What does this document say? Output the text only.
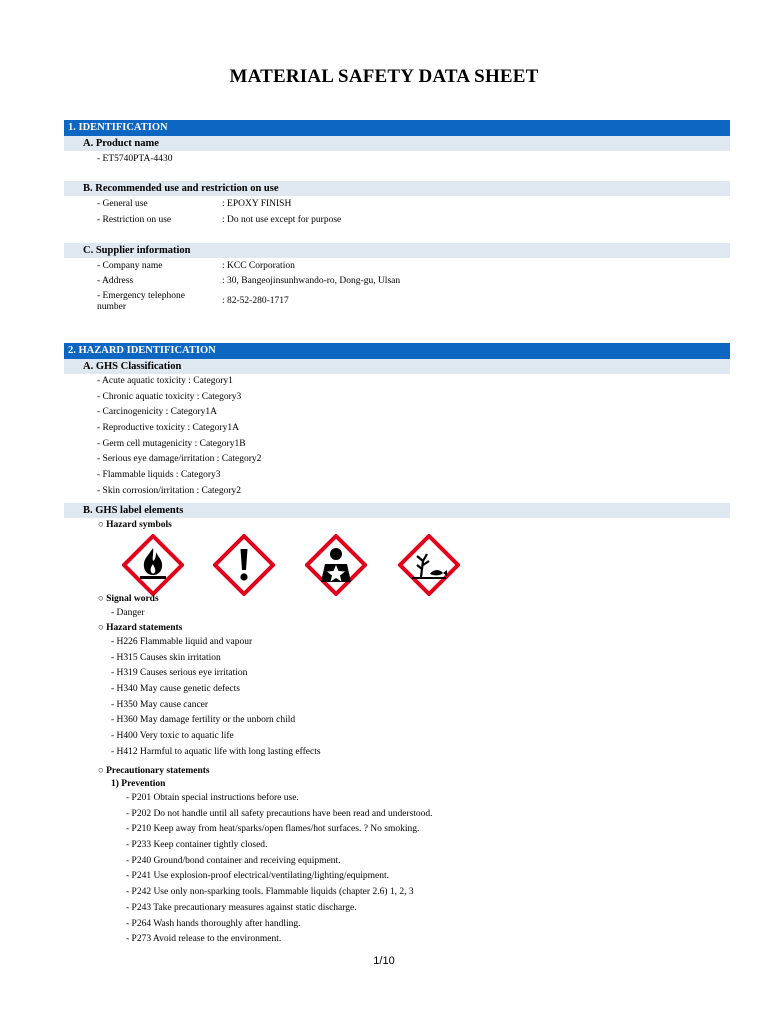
MATERIAL SAFETY DATA SHEET
1. IDENTIFICATION
A. Product name
- ET5740PTA-4430
B. Recommended use and restriction on use
- General use	: EPOXY FINISH
- Restriction on use	: Do not use except for purpose
C. Supplier information
- Company name	: KCC Corporation
- Address	: 30, Bangeojinsunhwando-ro, Dong-gu, Ulsan
- Emergency telephone number
: 82-52-280-1717
2. HAZARD IDENTIFICATION
A. GHS Classification
- Acute aquatic toxicity : Category1
- Chronic aquatic toxicity : Category3
- Carcinogenicity : Category1A
- Reproductive toxicity : Category1A
- Germ cell mutagenicity : Category1B
- Serious eye damage/irritation : Category2
- Flammable liquids : Category3
- Skin corrosion/irritation : Category2
B. GHS label elements
○ Hazard symbols
○ Signal words
- Danger
○ Hazard statements
- H226 Flammable liquid and vapour
- H315 Causes skin irritation
- H319 Causes serious eye irritation
- H340 May cause genetic defects
- H350 May cause cancer
- H360 May damage fertility or the unborn child
- H400 Very toxic to aquatic life
- H412 Harmful to aquatic life with long lasting effects
○ Precautionary statements
1) Prevention
- P201 Obtain special instructions before use.
- P202 Do not handle until all safety precautions have been read and understood.
- P210 Keep away from heat/sparks/open flames/hot surfaces. ? No smoking.
- P233 Keep container tightly closed.
- P240 Ground/bond container and receiving equipment.
- P241 Use explosion-proof electrical/ventilating/lighting/equipment.
- P242 Use only non-sparking tools. Flammable liquids (chapter 2.6) 1, 2, 3
- P243 Take precautionary measures against static discharge.
- P264 Wash hands thoroughly after handling.
- P273 Avoid release to the environment.
1/10
